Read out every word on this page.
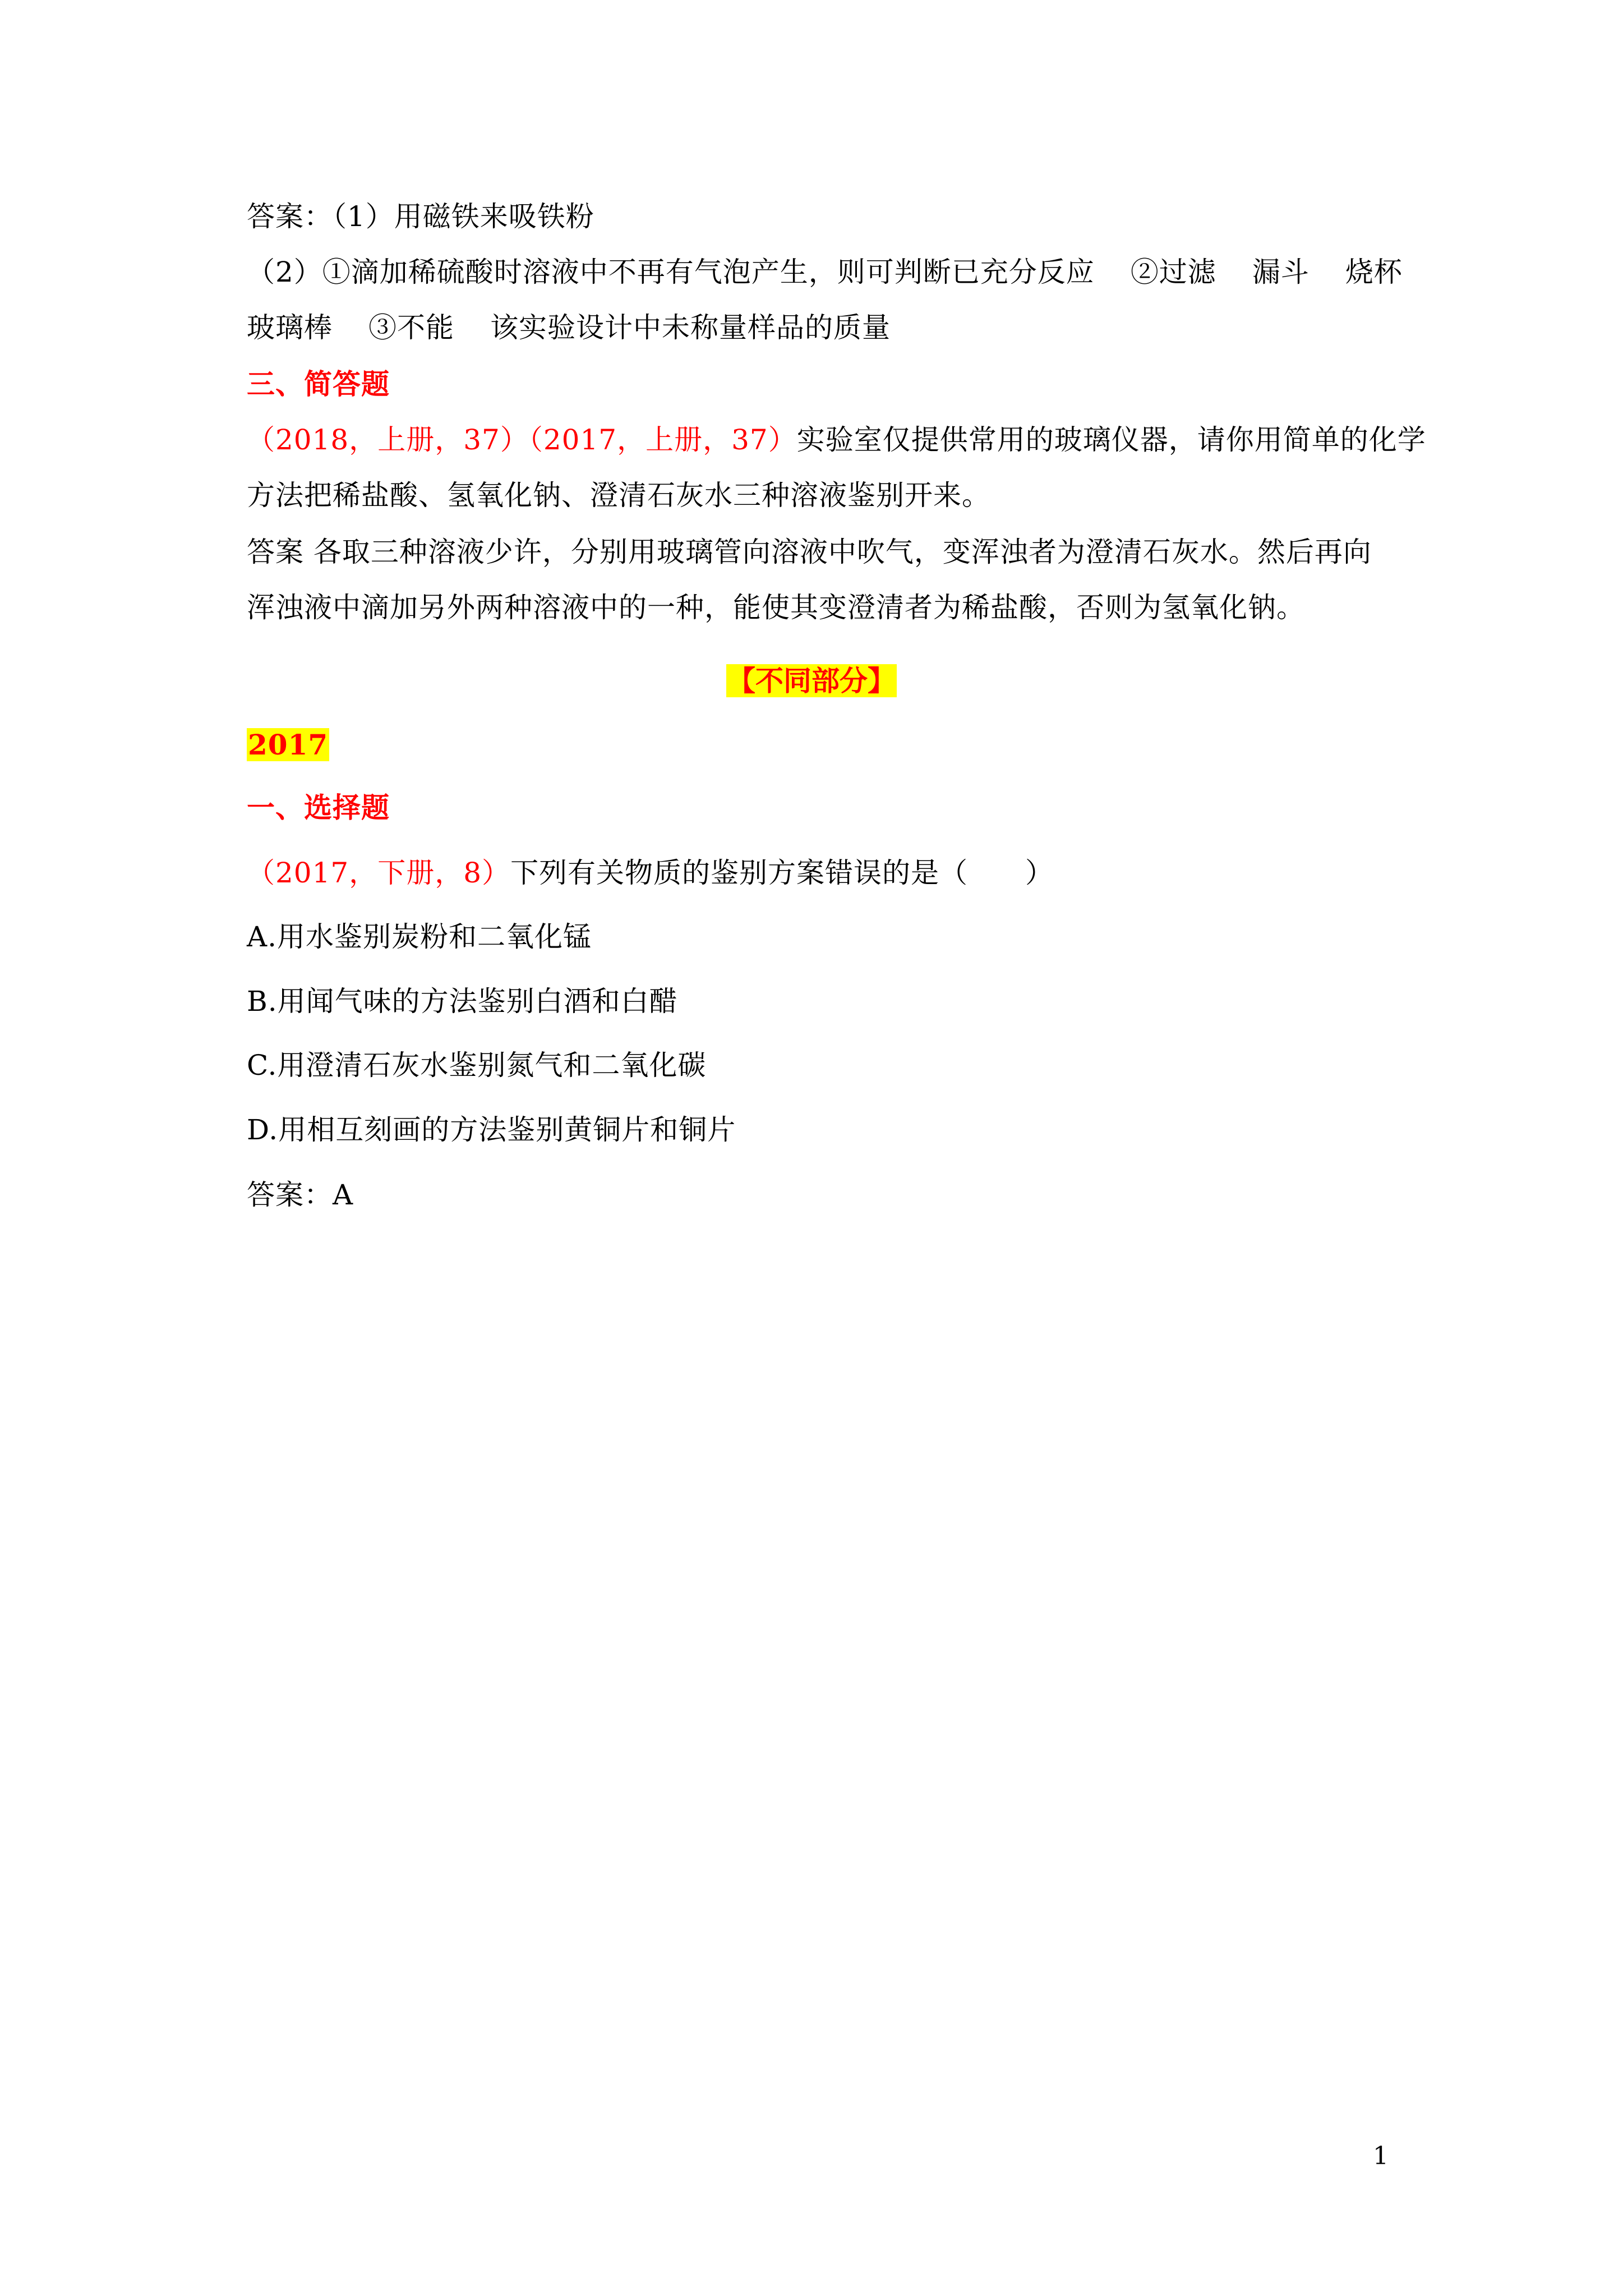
答案：（1）用磁铁来吸铁粉
（2）①滴加稀硫酸时溶液中不再有气泡产生，则可判断已充分反应 ②过滤 漏斗 烧杯
玻璃棒 ③不能 该实验设计中未称量样品的质量
三、简答题
（2018，上册，37）（2017，上册，37）实验室仅提供常用的玻璃仪器，请你用简单的化学
方法把稀盐酸、氢氧化钠、澄清石灰水三种溶液鉴别开来。
答案 各取三种溶液少许，分别用玻璃管向溶液中吹气，变浑浊者为澄清石灰水。然后再向
浑浊液中滴加另外两种溶液中的一种，能使其变澄清者为稀盐酸，否则为氢氧化钠。
【不同部分】
2017
一、选择题
（2017，下册，8）下列有关物质的鉴别方案错误的是（　　）
A.用水鉴别炭粉和二氧化锰
B.用闻气味的方法鉴别白酒和白醋
C.用澄清石灰水鉴别氮气和二氧化碳
D.用相互刻画的方法鉴别黄铜片和铜片
答案：A
1
